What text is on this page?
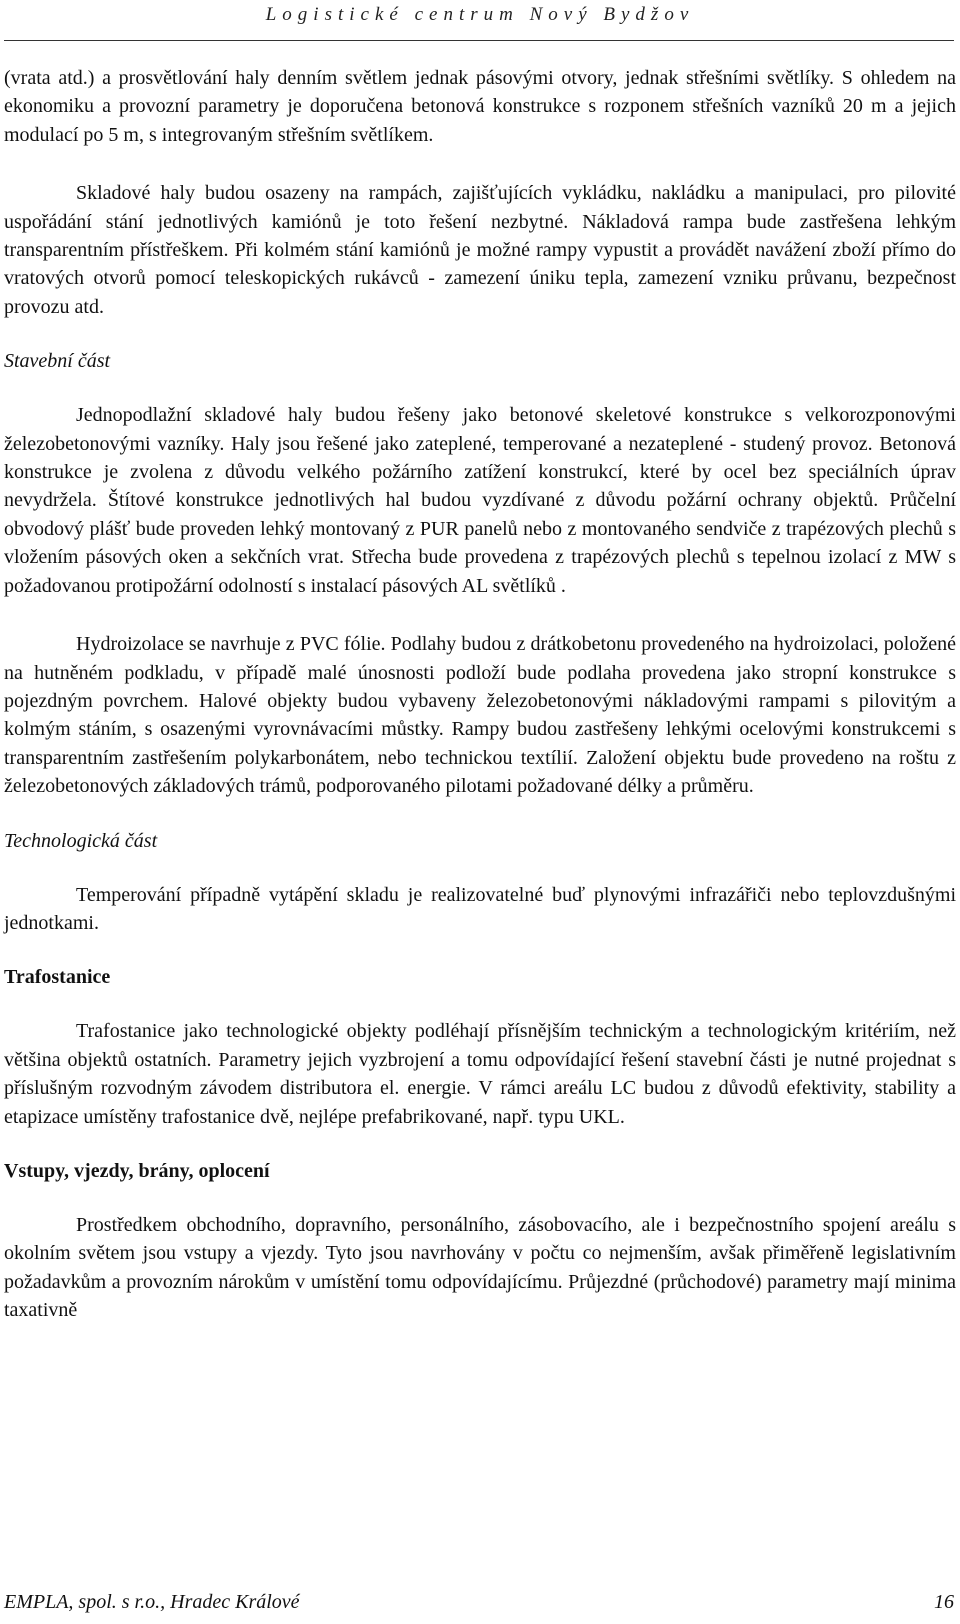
Logistické centrum Nový Bydžov

(vrata atd.) a prosvětlování haly denním světlem jednak pásovými otvory, jednak střešními světlíky. S ohledem na ekonomiku a provozní parametry je doporučena betonová konstrukce s rozponem střešních vazníků 20 m a jejich modulací po 5 m, s integrovaným střešním světlíkem.

Skladové haly budou osazeny na rampách, zajišťujících vykládku, nakládku a manipulaci, pro pilovité uspořádání stání jednotlivých kamiónů je toto řešení nezbytné. Nákladová rampa bude zastřešena lehkým transparentním přístřeškem. Při kolmém stání kamiónů je možné rampy vypustit a provádět navážení zboží přímo do vratových otvorů pomocí teleskopických rukávců - zamezení úniku tepla, zamezení vzniku průvanu, bezpečnost provozu atd.

Stavební část

Jednopodlažní skladové haly budou řešeny jako betonové skeletové konstrukce s velkorozponovými železobetonovými vazníky. Haly jsou řešené jako zateplené, temperované a nezateplené - studený provoz. Betonová konstrukce je zvolena z důvodu velkého požárního zatížení konstrukcí, které by ocel bez speciálních úprav nevydržela. Štítové konstrukce jednotlivých hal budou vyzdívané z důvodu požární ochrany objektů. Průčelní obvodový plášť bude proveden lehký montovaný z PUR panelů nebo z montovaného sendviče z trapézových plechů s vložením pásových oken a sekčních vrat. Střecha bude provedena z trapézových plechů s tepelnou izolací z MW s požadovanou protipožární odolností s instalací pásových AL světlíků .

Hydroizolace se navrhuje z PVC fólie. Podlahy budou z drátkobetonu provedeného na hydroizolaci, položené na hutněném podkladu, v případě malé únosnosti podloží bude podlaha provedena jako stropní konstrukce s pojezdným povrchem. Halové objekty budou vybaveny železobetonovými nákladovými rampami s pilovitým a kolmým stáním, s osazenými vyrovnávacími můstky. Rampy budou zastřešeny lehkými ocelovými konstrukcemi s transparentním zastřešením polykarbonátem, nebo technickou textílií. Založení objektu bude provedeno na roštu z železobetonových základových trámů, podporovaného pilotami požadované délky a průměru.

Technologická část

Temperování případně vytápění skladu je realizovatelné buď plynovými infrazářiči nebo teplovzdušnými jednotkami.

Trafostanice

Trafostanice jako technologické objekty podléhají přísnějším technickým a technologickým kritériím, než většina objektů ostatních. Parametry jejich vyzbrojení a tomu odpovídající řešení stavební části je nutné projednat s příslušným rozvodným závodem distributora el. energie. V rámci areálu LC budou z důvodů efektivity, stability a etapizace umístěny trafostanice dvě, nejlépe prefabrikované, např. typu UKL.

Vstupy, vjezdy, brány, oplocení

Prostředkem obchodního, dopravního, personálního, zásobovacího, ale i bezpečnostního spojení areálu s okolním světem jsou vstupy a vjezdy. Tyto jsou navrhovány v počtu co nejmenším, avšak přiměřeně legislativním požadavkům a provozním nárokům v umístění tomu odpovídajícímu. Průjezdné (průchodové) parametry mají minima taxativně

EMPLA, spol. s r.o., Hradec Králové	16
